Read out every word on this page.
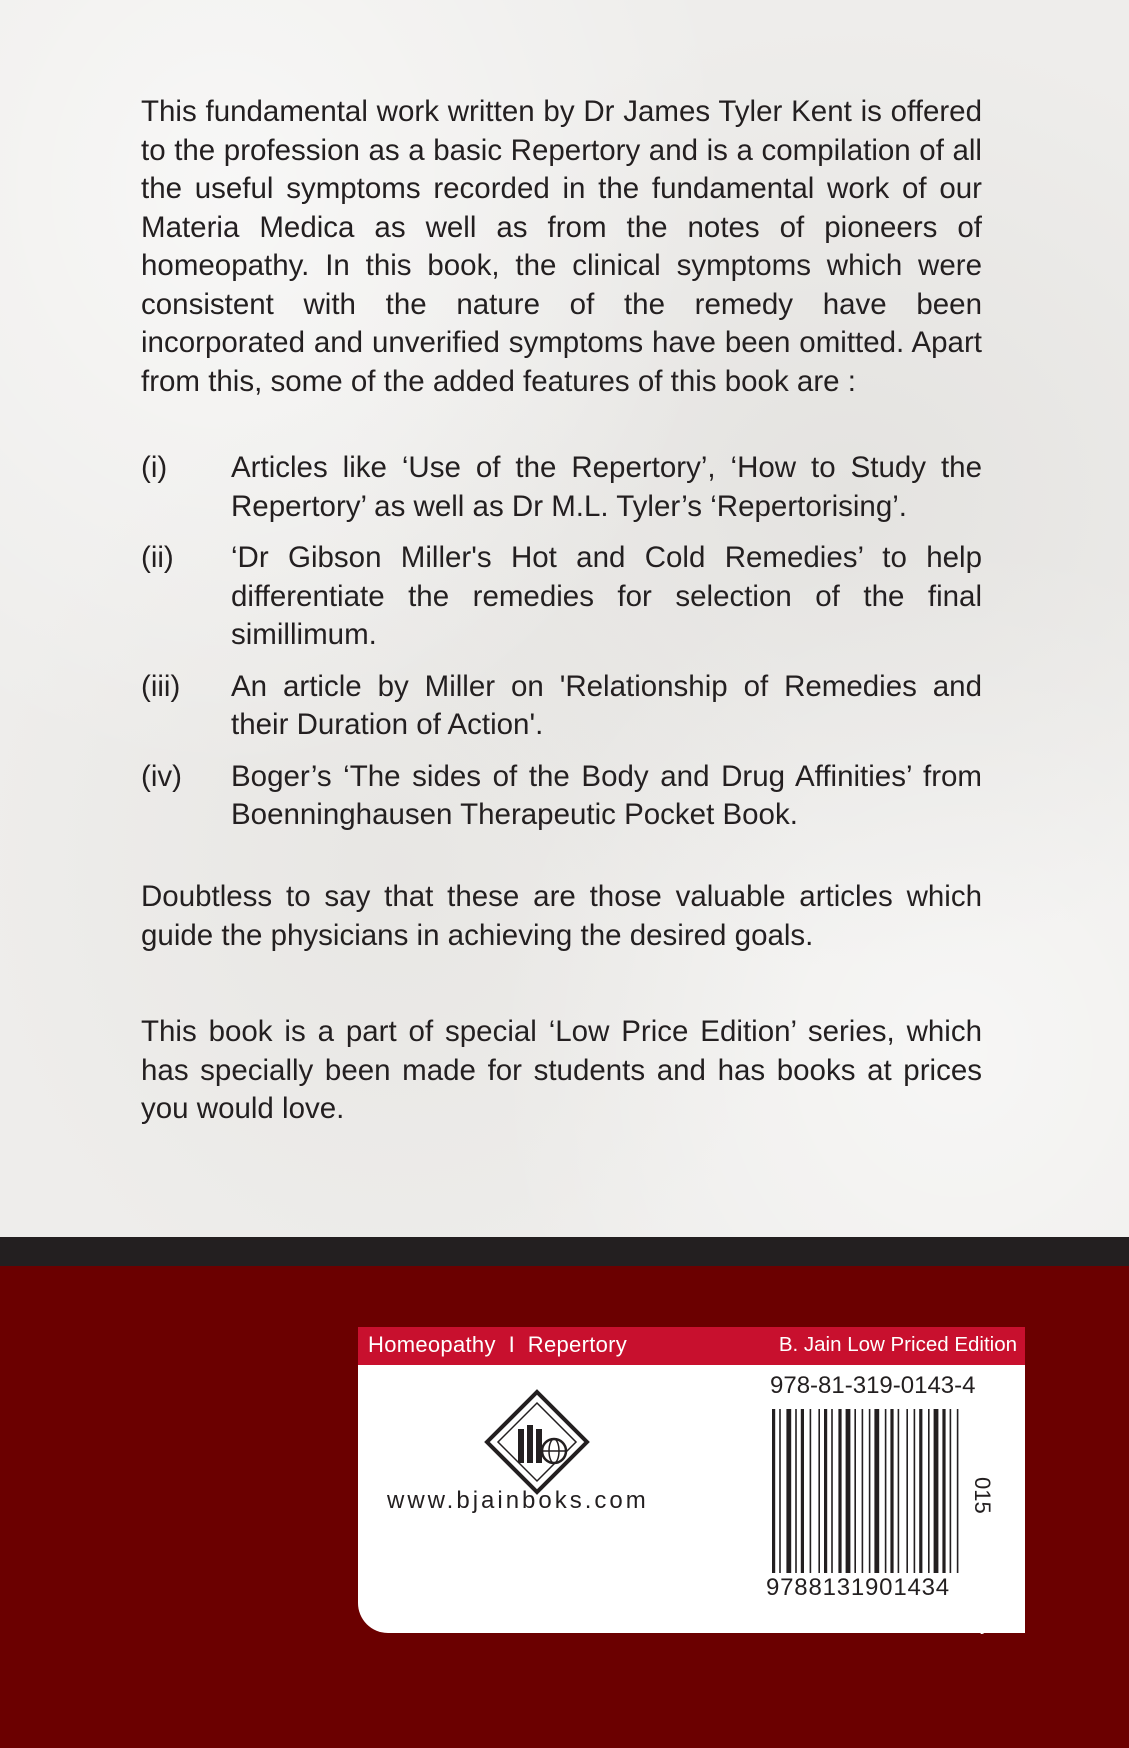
This fundamental work written by Dr James Tyler Kent is offered to the profession as a basic Repertory and is a compilation of all the useful symptoms recorded in the fundamental work of our Materia Medica as well as from the notes of pioneers of homeopathy. In this book, the clinical symptoms which were consistent with the nature of the remedy have been incorporated and unverified symptoms have been omitted. Apart from this, some of the added features of this book are :
(i)	Articles like ‘Use of the Repertory’, ‘How to Study the Repertory’ as well as Dr M.L. Tyler’s ‘Repertorising’.
(ii)	‘Dr Gibson Miller's Hot and Cold Remedies’ to help differentiate the remedies for selection of the final simillimum.
(iii)	An article by Miller on 'Relationship of Remedies and their Duration of Action'.
(iv)	Boger’s ‘The sides of the Body and Drug Affinities’ from Boenninghausen Therapeutic Pocket Book.
Doubtless to say that these are those valuable articles which guide the physicians in achieving the desired goals.
This book is a part of special ‘Low Price Edition’ series, which has specially been made for students and has books at prices you would love.
Homeopathy  I  Repertory	B. Jain Low Priced Edition
www.bjainboks.com
978-81-319-0143-4
9788131901434
015
For sale within India only
